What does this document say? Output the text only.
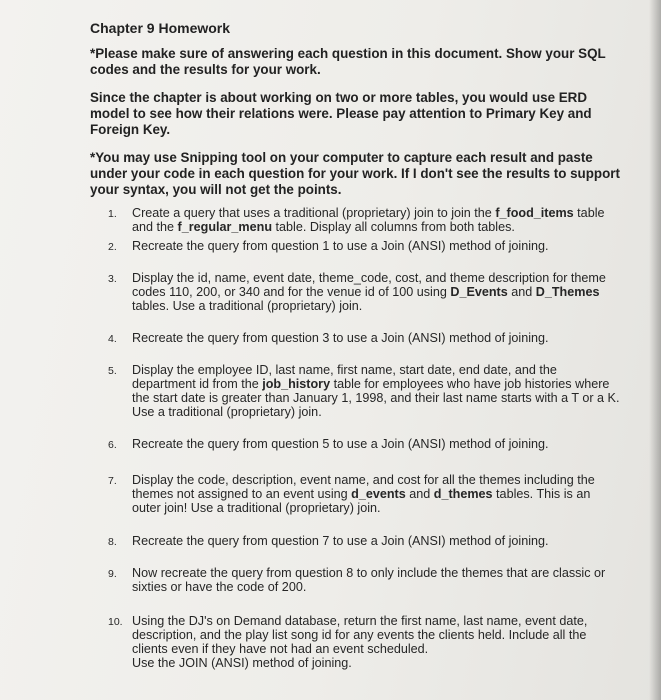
Chapter 9 Homework

*Please make sure of answering each question in this document. Show your SQL codes and the results for your work.

Since the chapter is about working on two or more tables, you would use ERD model to see how their relations were. Please pay attention to Primary Key and Foreign Key.

*You may use Snipping tool on your computer to capture each result and paste under your code in each question for your work. If I don't see the results to support your syntax, you will not get the points.

1. Create a query that uses a traditional (proprietary) join to join the f_food_items table and the f_regular_menu table. Display all columns from both tables.
2. Recreate the query from question 1 to use a Join (ANSI) method of joining.
3. Display the id, name, event date, theme_code, cost, and theme description for theme codes 110, 200, or 340 and for the venue id of 100 using D_Events and D_Themes tables. Use a traditional (proprietary) join.
4. Recreate the query from question 3 to use a Join (ANSI) method of joining.
5. Display the employee ID, last name, first name, start date, end date, and the department id from the job_history table for employees who have job histories where the start date is greater than January 1, 1998, and their last name starts with a T or a K. Use a traditional (proprietary) join.
6. Recreate the query from question 5 to use a Join (ANSI) method of joining.
7. Display the code, description, event name, and cost for all the themes including the themes not assigned to an event using d_events and d_themes tables. This is an outer join! Use a traditional (proprietary) join.
8. Recreate the query from question 7 to use a Join (ANSI) method of joining.
9. Now recreate the query from question 8 to only include the themes that are classic or sixties or have the code of 200.
10. Using the DJ's on Demand database, return the first name, last name, event date, description, and the play list song id for any events the clients held. Include all the clients even if they have not had an event scheduled.
Use the JOIN (ANSI) method of joining.
